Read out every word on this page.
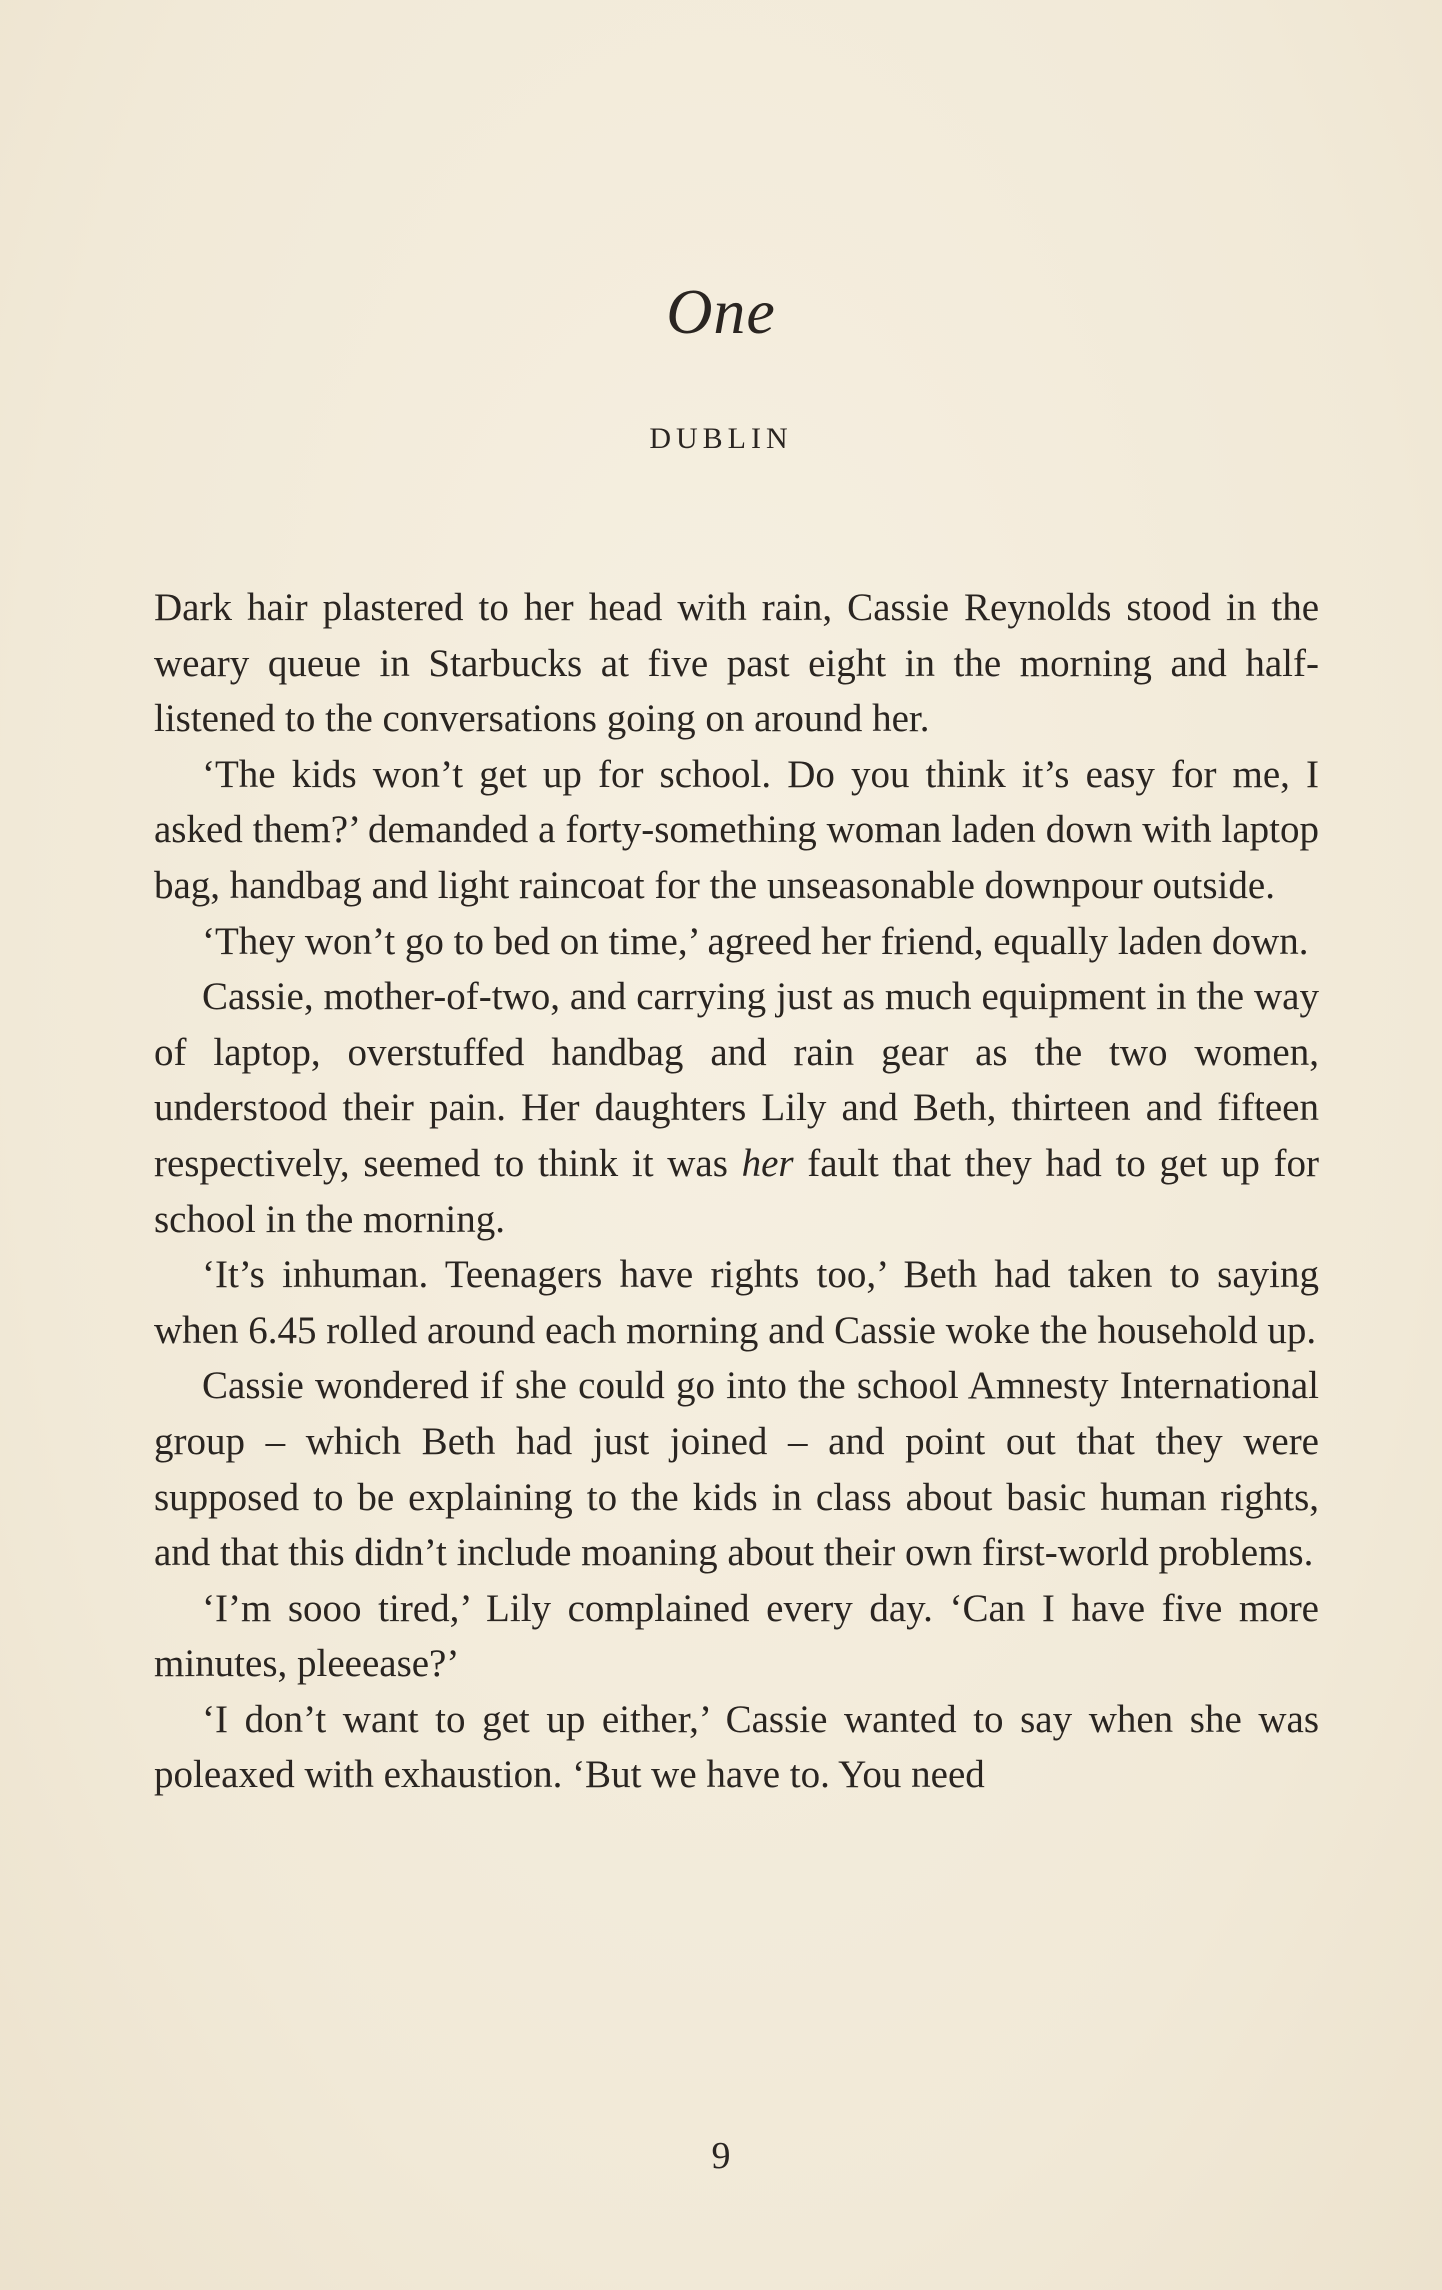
One
DUBLIN

Dark hair plastered to her head with rain, Cassie Reynolds stood in the weary queue in Starbucks at five past eight in the morning and half-listened to the conversations going on around her.

‘The kids won’t get up for school. Do you think it’s easy for me, I asked them?’ demanded a forty-something woman laden down with laptop bag, handbag and light raincoat for the unseasonable downpour outside.

‘They won’t go to bed on time,’ agreed her friend, equally laden down.

Cassie, mother-of-two, and carrying just as much equipment in the way of laptop, overstuffed handbag and rain gear as the two women, understood their pain. Her daughters Lily and Beth, thirteen and fifteen respectively, seemed to think it was her fault that they had to get up for school in the morning.

‘It’s inhuman. Teenagers have rights too,’ Beth had taken to saying when 6.45 rolled around each morning and Cassie woke the household up.

Cassie wondered if she could go into the school Amnesty International group – which Beth had just joined – and point out that they were supposed to be explaining to the kids in class about basic human rights, and that this didn’t include moaning about their own first-world problems.

‘I’m sooo tired,’ Lily complained every day. ‘Can I have five more minutes, pleeease?’

‘I don’t want to get up either,’ Cassie wanted to say when she was poleaxed with exhaustion. ‘But we have to. You need

9
